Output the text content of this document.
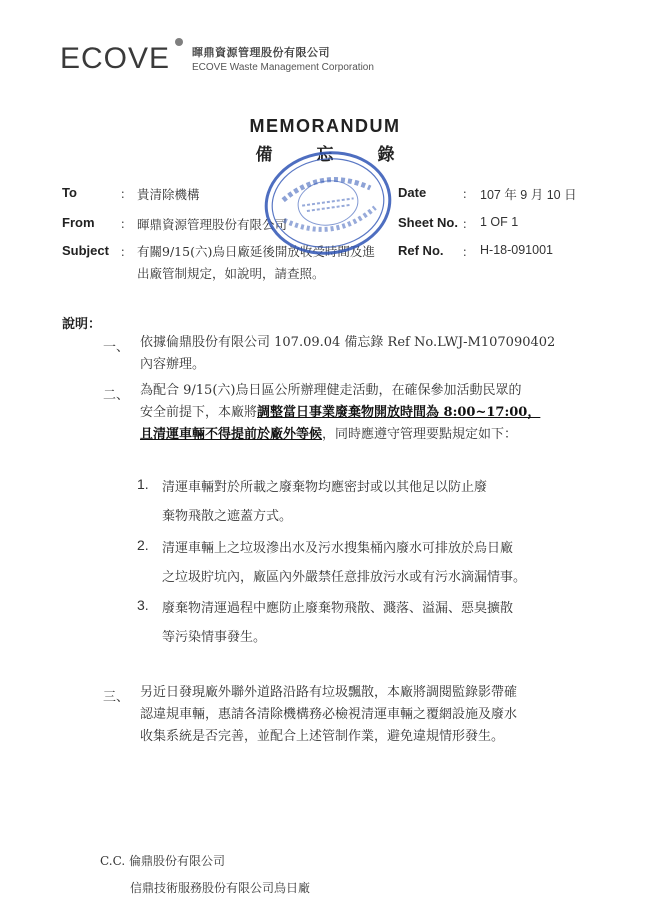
ECOVE 暉鼎資源管理股份有限公司
ECOVE Waste Management Corporation
MEMORANDUM
備忘錄
To	： 貴清除機構
From ： 暉鼎資源管理股份有限公司
Subject ： 有關9/15(六)烏日廠延後開放收受時間及進出廠管制規定，如說明，請查照。
Date	： 107 年 9 月 10 日
Sheet No. ： 1 OF 1
Ref No. ： H-18-091001
說明：
一、 依據倫鼎股份有限公司 107.09.04 備忘錄 Ref No.LWJ-M107090402
內容辦理。
二、 為配合 9/15(六)烏日區公所辦理健走活動，在確保參加活動民眾的
安全前提下，本廠將調整當日事業廢棄物開放時間為 8:00~17:00，
且清運車輛不得提前於廠外等候，同時應遵守管理要點規定如下：
1. 清運車輛對於所載之廢棄物均應密封或以其他足以防止廢
棄物飛散之遮蓋方式。
2. 清運車輛上之垃圾滲出水及污水搜集桶內廢水可排放於烏日廠
之垃圾貯坑內，廠區內外嚴禁任意排放污水或有污水滴漏情事。
3. 廢棄物清運過程中應防止廢棄物飛散、濺落、溢漏、惡臭擴散
等污染情事發生。
三、 另近日發現廠外聯外道路沿路有垃圾飄散，本廠將調閱監錄影帶確
認違規車輛，惠請各清除機構務必檢視清運車輛之覆網設施及廢水
收集系統是否完善，並配合上述管制作業，避免違規情形發生。
C.C. 倫鼎股份有限公司
信鼎技術服務股份有限公司烏日廠
